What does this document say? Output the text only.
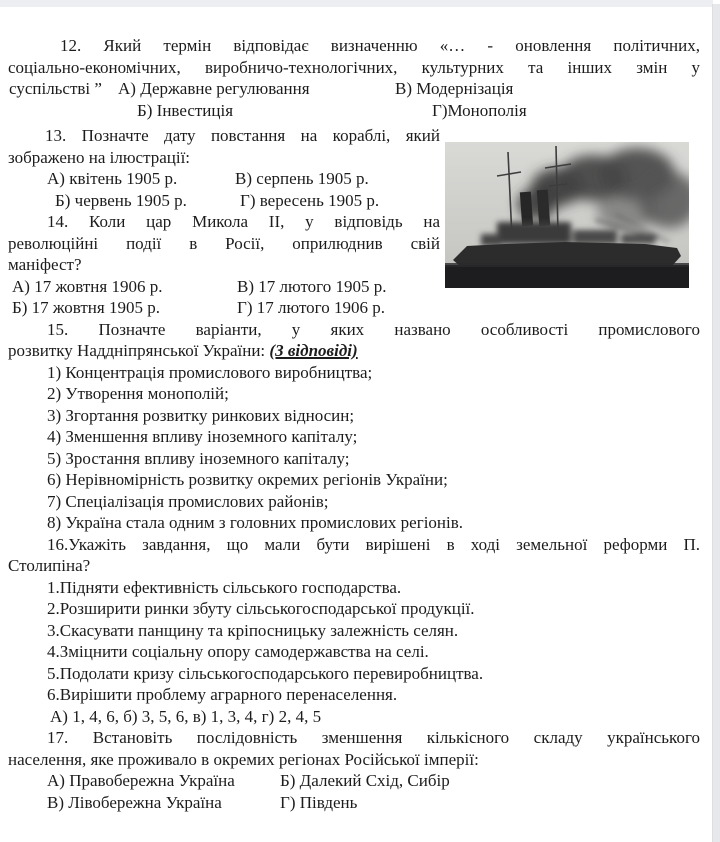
12. Який термін відповідає визначенню «… - оновлення політичних,
соціально-економічних, виробничо-технологічних, культурних та інших змін у
суспільстві ” А) Державне регулювання	В) Модернізація
Б) Інвестиція	Г)Монополія
13. Позначте дату повстання на кораблі, який
зображено на ілюстрації:
А) квітень 1905 р.	В) серпень 1905 р.
Б) червень 1905 р.	Г) вересень 1905 р.
14. Коли цар Микола II, у відповідь на
революційні події в Росії, оприлюднив свій
маніфест?
А) 17 жовтня 1906 р.	В) 17 лютого 1905 р.
Б) 17 жовтня 1905 р.	Г) 17 лютого 1906 р.
15. Позначте варіанти, у яких названо особливості промислового
розвитку Наддніпрянської України: (3 відповіді)
1) Концентрація промислового виробництва;
2) Утворення монополій;
3) Згортання розвитку ринкових відносин;
4) Зменшення впливу іноземного капіталу;
5) Зростання впливу іноземного капіталу;
6) Нерівномірність розвитку окремих регіонів України;
7) Спеціалізація промислових районів;
8) Україна стала одним з головних промислових регіонів.
16.Укажіть завдання, що мали бути вирішені в ході земельної реформи П.
Столипіна?
1.Підняти ефективність сільського господарства.
2.Розширити ринки збуту сільськогосподарської продукції.
3.Скасувати панщину та кріпосницьку залежність селян.
4.Зміцнити соціальну опору самодержавства на селі.
5.Подолати кризу сільськогосподарського перевиробництва.
6.Вирішити проблему аграрного перенаселення.
А) 1, 4, 6, б) 3, 5, 6, в) 1, 3, 4, г) 2, 4, 5
17. Встановіть послідовність зменшення кількісного складу українського
населення, яке проживало в окремих регіонах Російської імперії:
А) Правобережна Україна	Б) Далекий Схід, Сибір
В) Лівобережна Україна	Г) Південь
